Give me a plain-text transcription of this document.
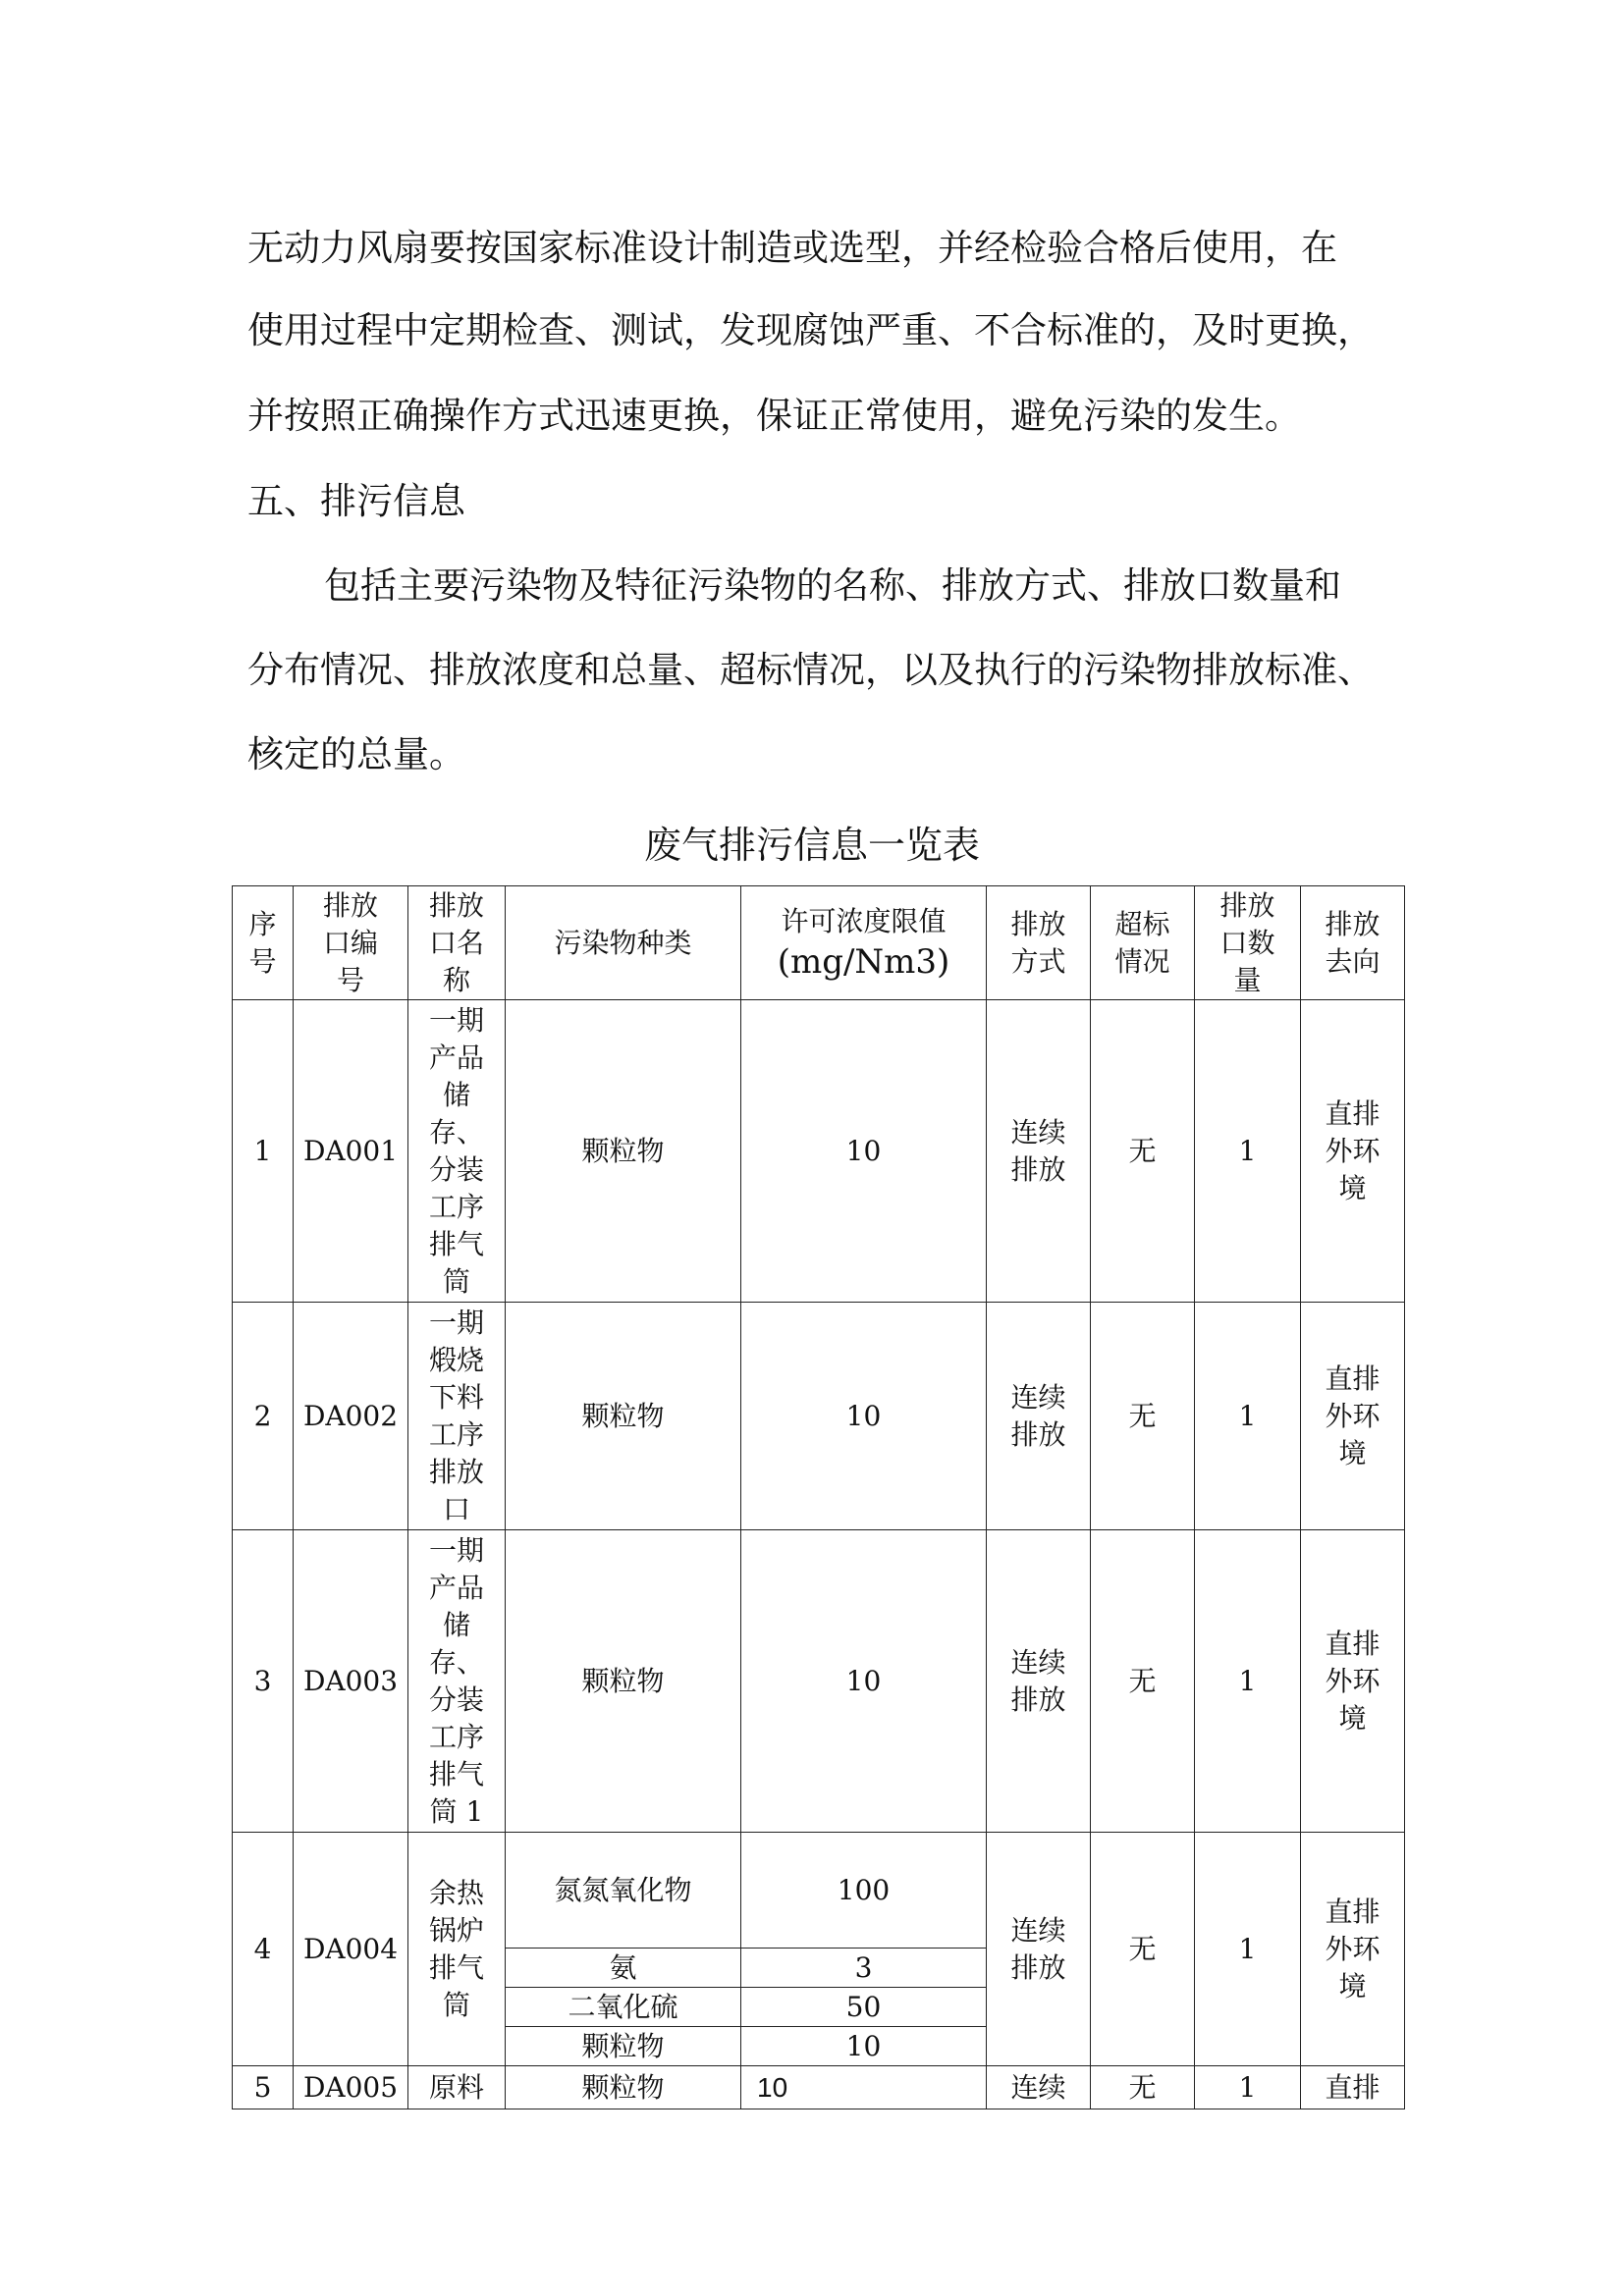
无动力风扇要按国家标准设计制造或选型，并经检验合格后使用，在
使用过程中定期检查、测试，发现腐蚀严重、不合标准的，及时更换，
并按照正确操作方式迅速更换，保证正常使用，避免污染的发生。
五、排污信息
包括主要污染物及特征污染物的名称、排放方式、排放口数量和
分布情况、排放浓度和总量、超标情况，以及执行的污染物排放标准、
核定的总量。
废气排污信息一览表
序号	排放口编号	排放口名称	污染物种类	许可浓度限值
(mg/Nm3)	排放方式	超标情况	排放口数量	排放去向
1	DA001	一期产品储存、分装工序排气筒	颗粒物	10	连续排放	无	1	直排外环境
2	DA002	一期煅烧下料工序排放口	颗粒物	10	连续排放	无	1	直排外环境
3	DA003	一期产品储存、分装工序排气筒 1	颗粒物	10	连续排放	无	1	直排外环境
4	DA004	余热锅炉排气筒	氮氮氧化物	100	连续排放	无	1	直排外环境
			氨	3				
			二氧化硫	50				
			颗粒物	10				
5	DA005	原料	颗粒物	10	连续	无	1	直排
